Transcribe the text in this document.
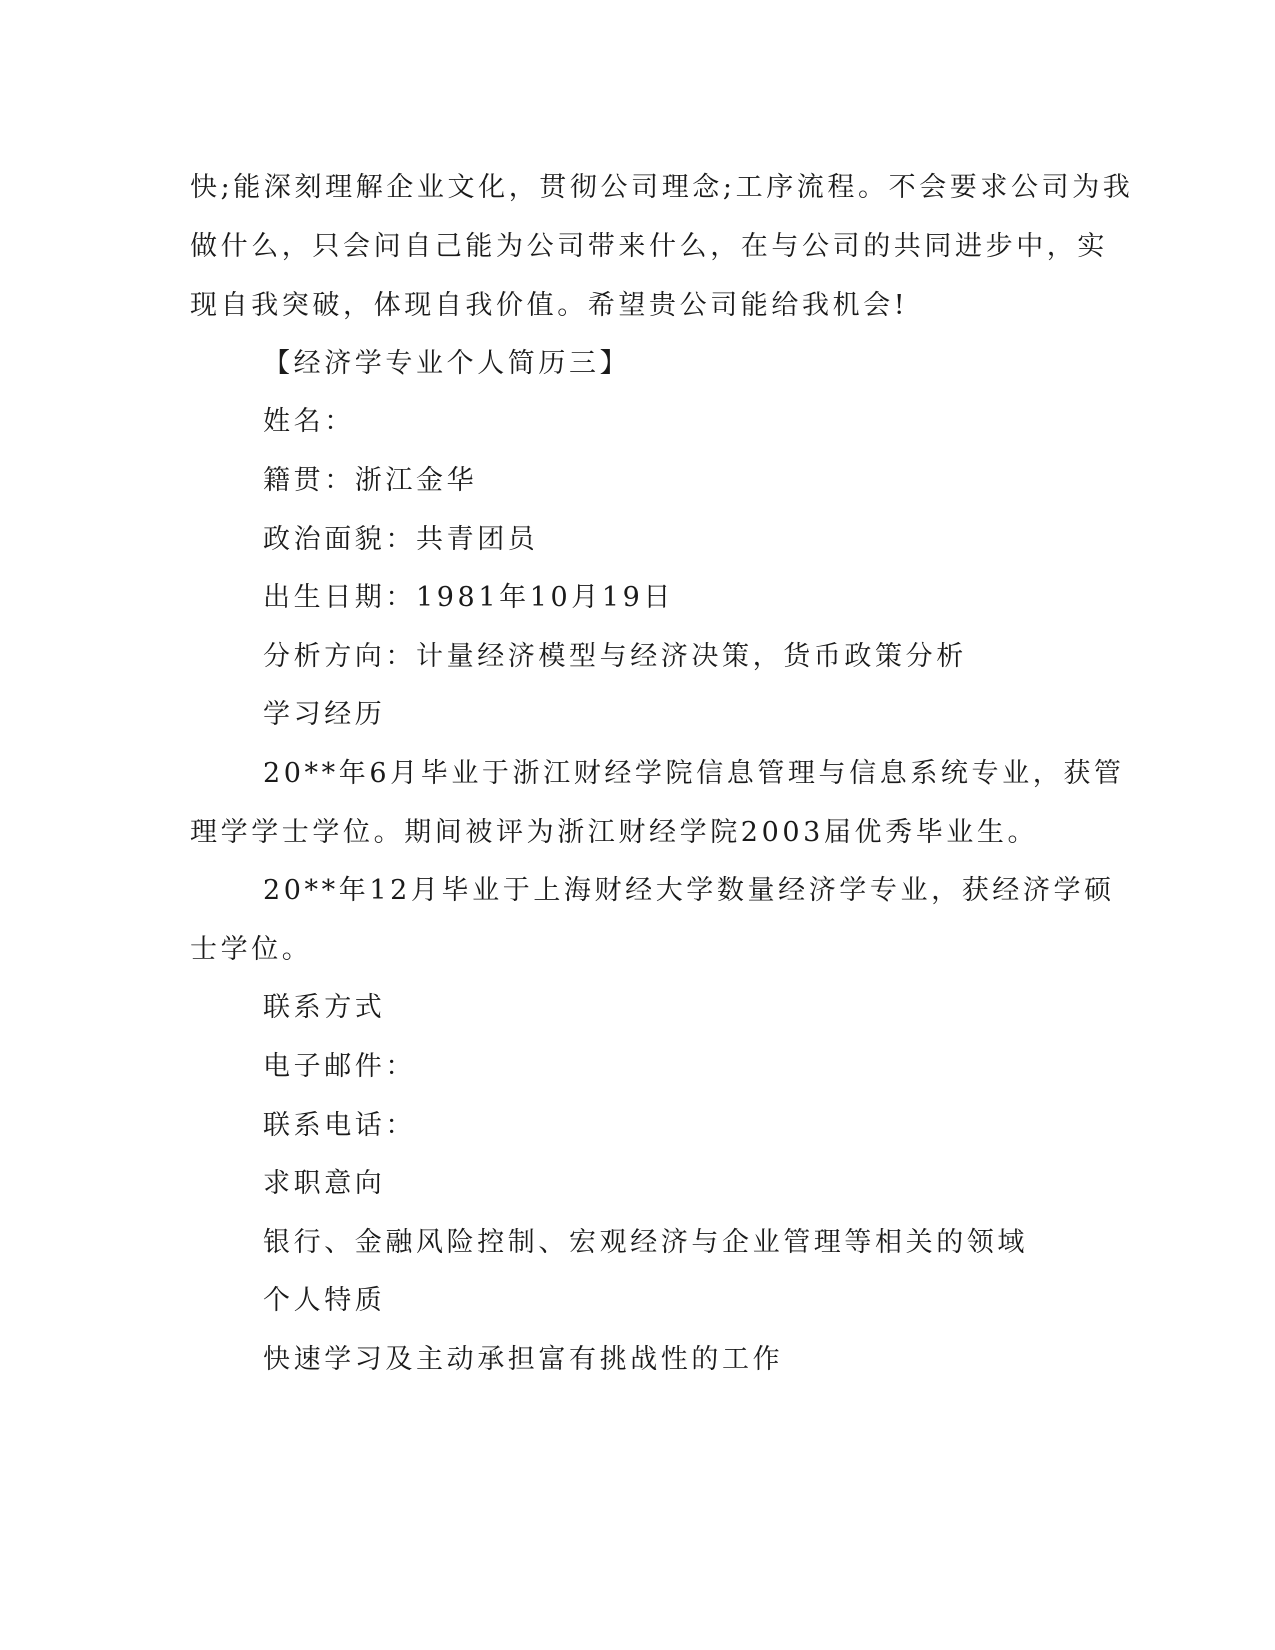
快;能深刻理解企业文化，贯彻公司理念;工序流程。不会要求公司为我
做什么，只会问自己能为公司带来什么，在与公司的共同进步中，实
现自我突破，体现自我价值。希望贵公司能给我机会!
【经济学专业个人简历三】
姓名：
籍贯：浙江金华
政治面貌：共青团员
出生日期：1981年10月19日
分析方向：计量经济模型与经济决策，货币政策分析
学习经历
20**年6月毕业于浙江财经学院信息管理与信息系统专业，获管
理学学士学位。期间被评为浙江财经学院2003届优秀毕业生。
20**年12月毕业于上海财经大学数量经济学专业，获经济学硕
士学位。
联系方式
电子邮件：
联系电话：
求职意向
银行、金融风险控制、宏观经济与企业管理等相关的领域
个人特质
快速学习及主动承担富有挑战性的工作
